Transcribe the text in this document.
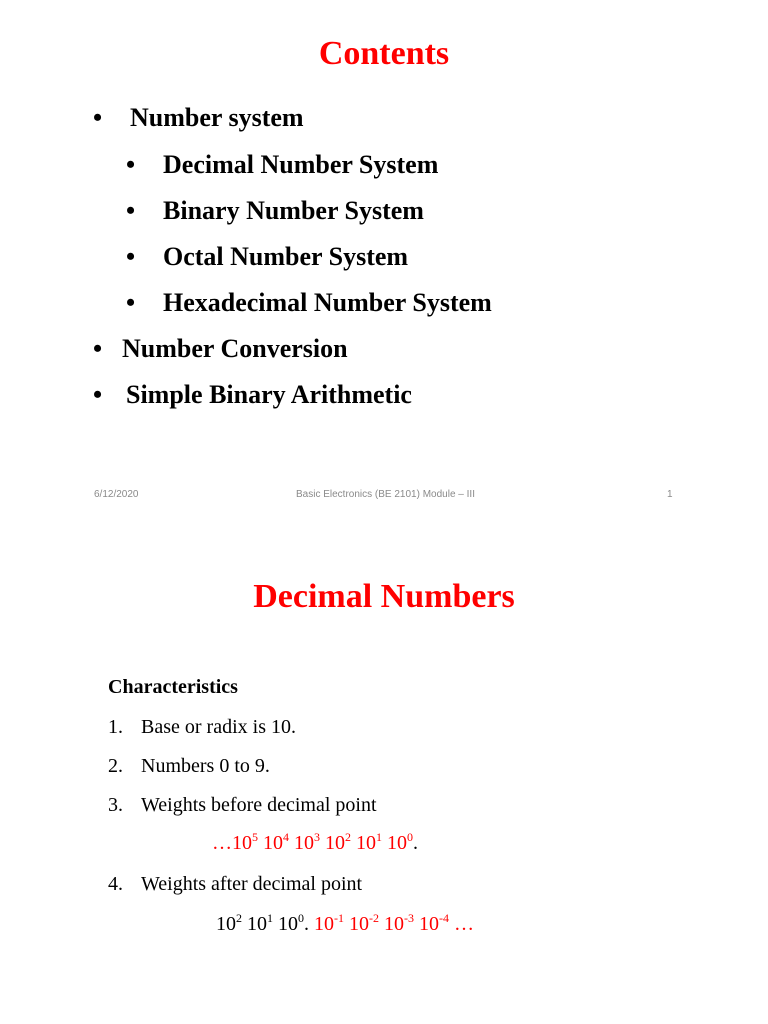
Contents
• Number system
• Decimal Number System
• Binary Number System
• Octal Number System
• Hexadecimal Number System
• Number Conversion
• Simple Binary Arithmetic
6/12/2020	Basic Electronics (BE 2101) Module – III	1
Decimal Numbers
Characteristics
1. Base or radix is 10.
2. Numbers 0 to 9.
3. Weights before decimal point
$\dots 10^5$ $10^4$ $10^3$ $10^2$ $10^1$ $10^0$.
4. Weights after decimal point
$10^2$ $10^1$ $10^0$. $10^{-1}$ $10^{-2}$ $10^{-3}$ $10^{-4}$ …
